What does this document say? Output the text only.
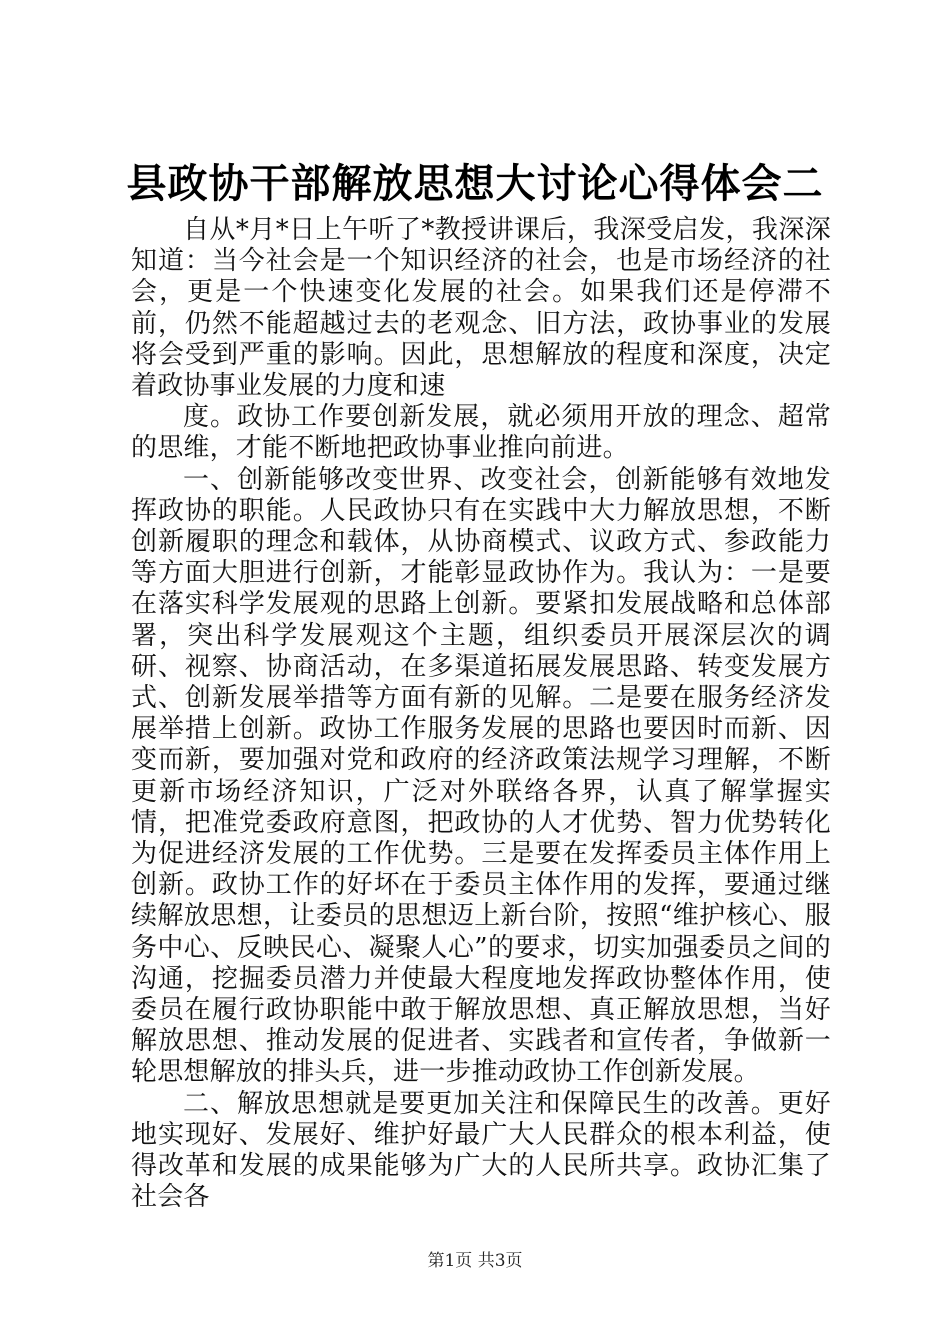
县政协干部解放思想大讨论心得体会二

自从*月*日上午听了*教授讲课后，我深受启发，我深深知道：当今社会是一个知识经济的社会，也是市场经济的社会，更是一个快速变化发展的社会。如果我们还是停滞不前，仍然不能超越过去的老观念、旧方法，政协事业的发展将会受到严重的影响。因此，思想解放的程度和深度，决定着政协事业发展的力度和速

度。政协工作要创新发展，就必须用开放的理念、超常的思维，才能不断地把政协事业推向前进。

一、创新能够改变世界、改变社会，创新能够有效地发挥政协的职能。人民政协只有在实践中大力解放思想，不断创新履职的理念和载体，从协商模式、议政方式、参政能力等方面大胆进行创新，才能彰显政协作为。我认为：一是要在落实科学发展观的思路上创新。要紧扣发展战略和总体部署，突出科学发展观这个主题，组织委员开展深层次的调研、视察、协商活动，在多渠道拓展发展思路、转变发展方式、创新发展举措等方面有新的见解。二是要在服务经济发展举措上创新。政协工作服务发展的思路也要因时而新、因变而新，要加强对党和政府的经济政策法规学习理解，不断更新市场经济知识，广泛对外联络各界，认真了解掌握实情，把准党委政府意图，把政协的人才优势、智力优势转化为促进经济发展的工作优势。三是要在发挥委员主体作用上创新。政协工作的好坏在于委员主体作用的发挥，要通过继续解放思想，让委员的思想迈上新台阶，按照“维护核心、服务中心、反映民心、凝聚人心”的要求，切实加强委员之间的沟通，挖掘委员潜力并使最大程度地发挥政协整体作用，使委员在履行政协职能中敢于解放思想、真正解放思想，当好解放思想、推动发展的促进者、实践者和宣传者，争做新一轮思想解放的排头兵，进一步推动政协工作创新发展。

二、解放思想就是要更加关注和保障民生的改善。更好地实现好、发展好、维护好最广大人民群众的根本利益，使得改革和发展的成果能够为广大的人民所共享。政协汇集了社会各

第1页 共3页
